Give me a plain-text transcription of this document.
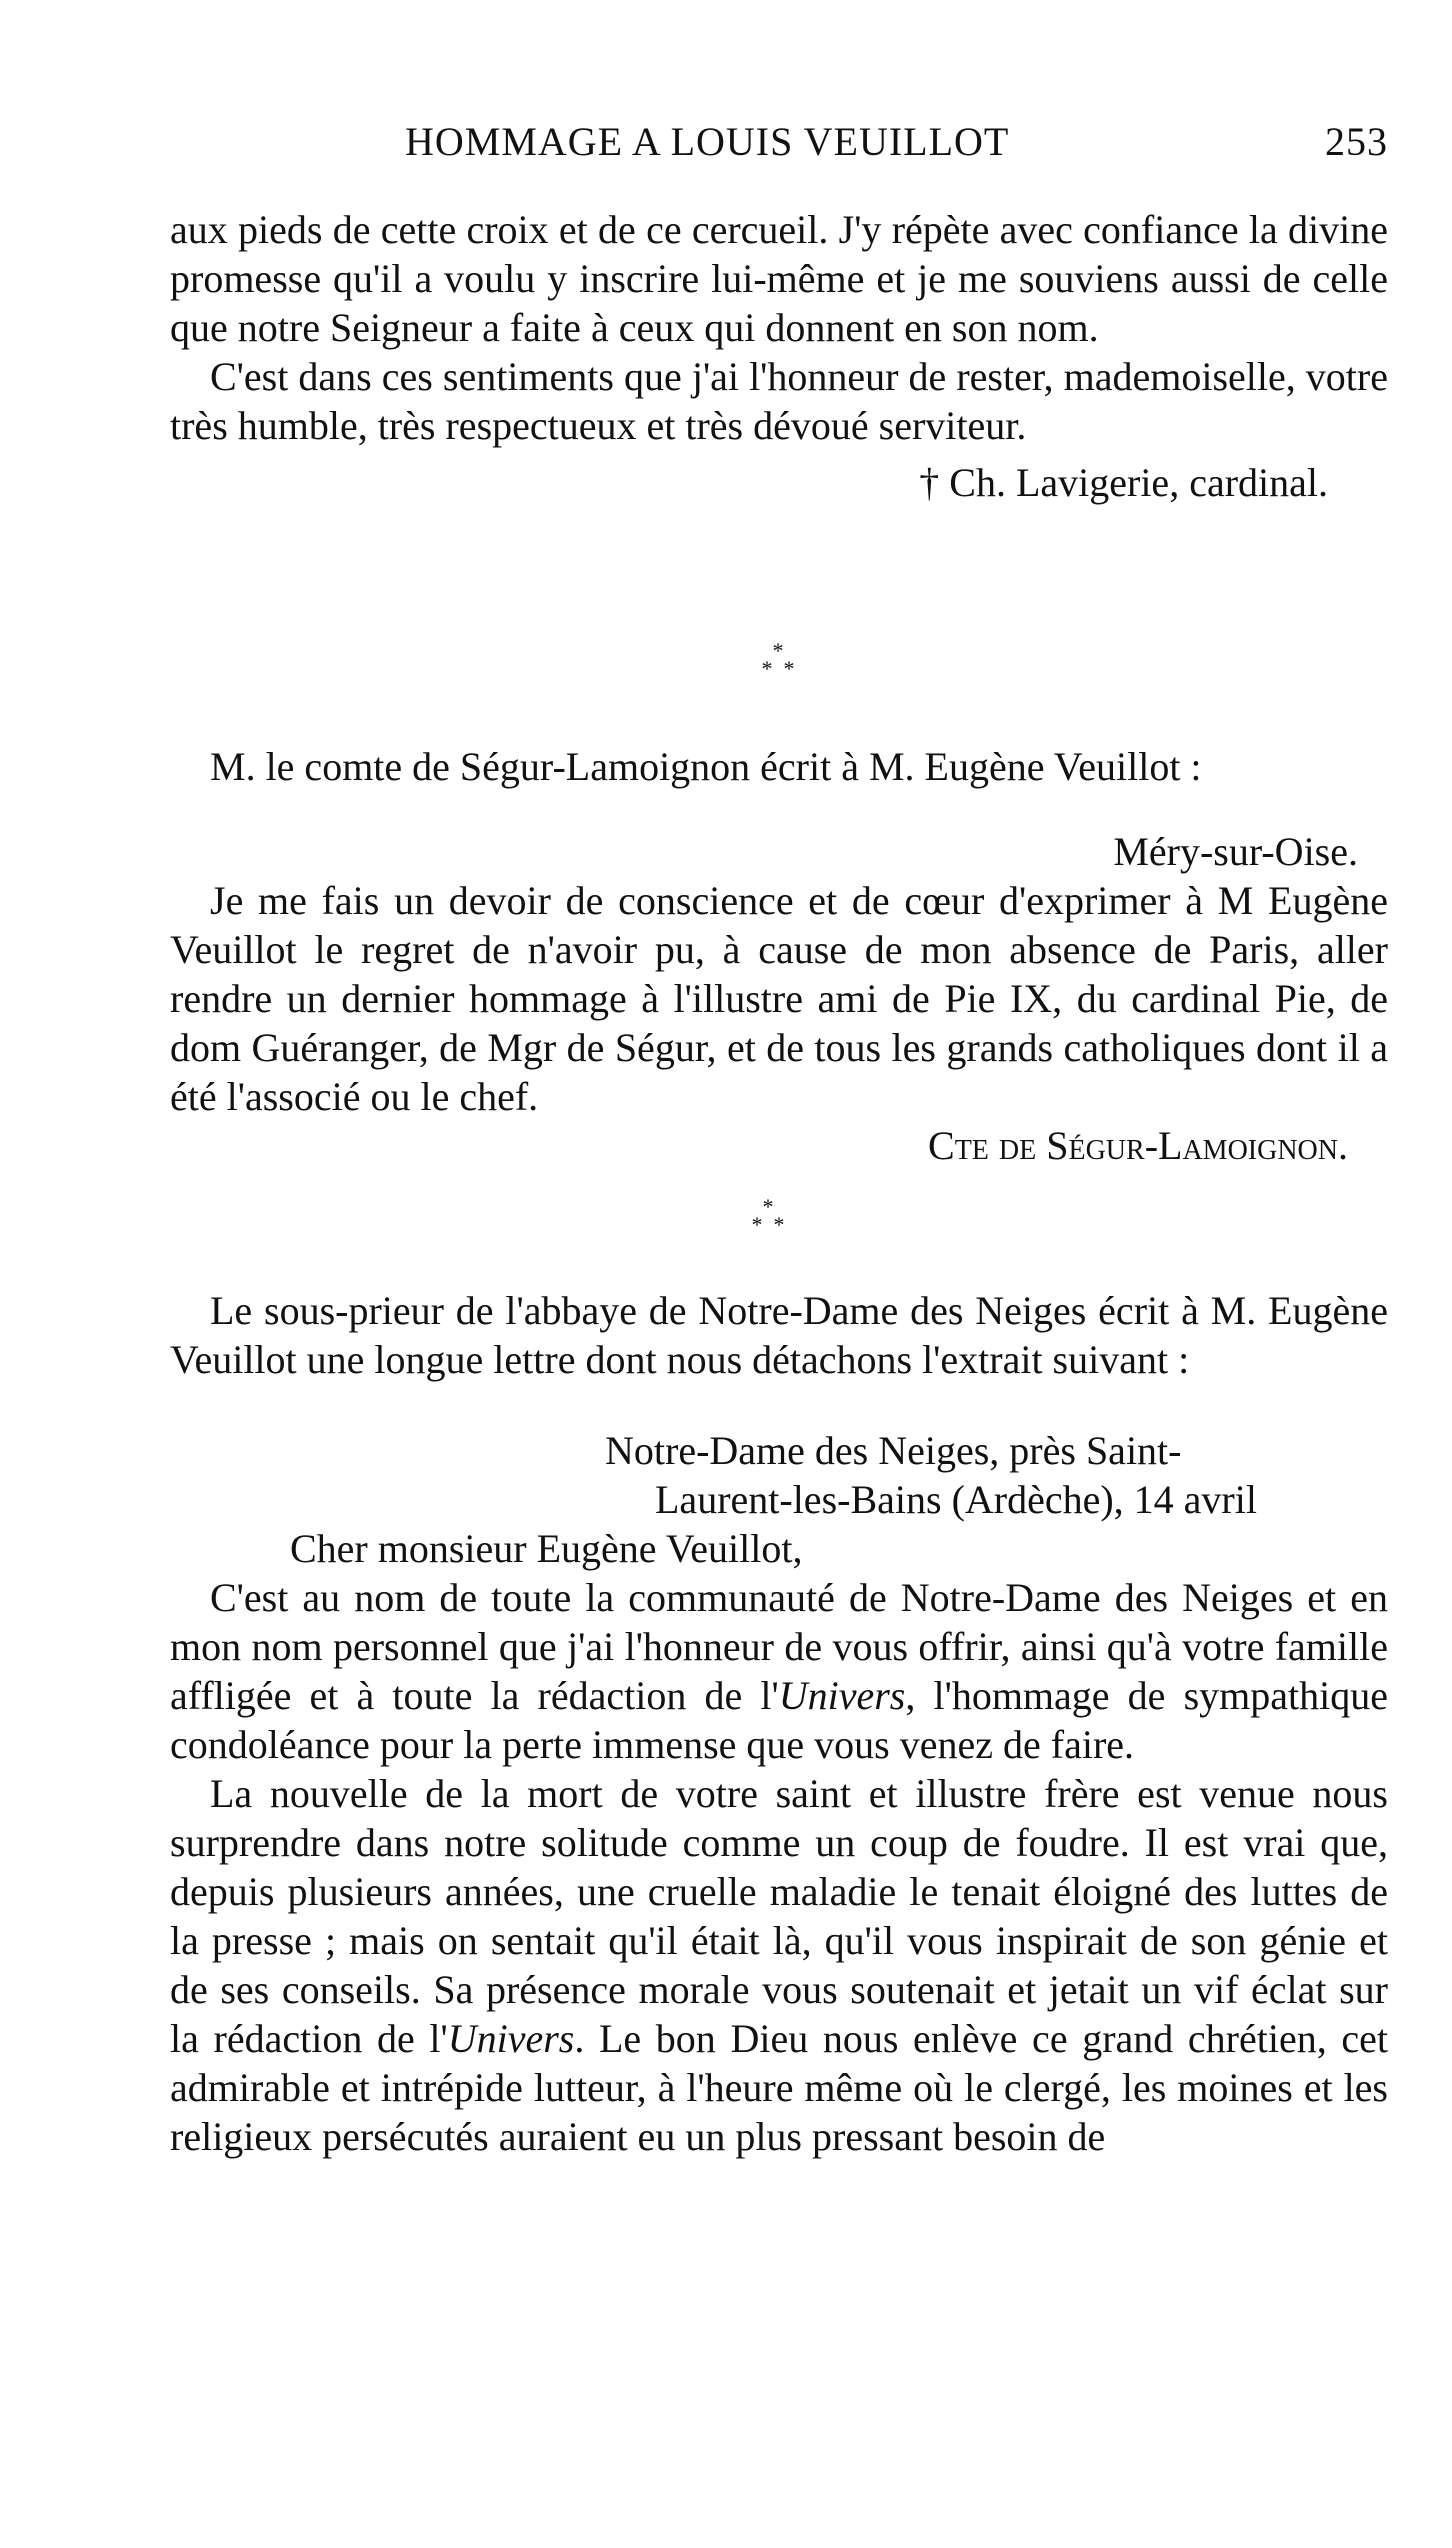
HOMMAGE A LOUIS VEUILLOT	253

aux pieds de cette croix et de ce cercueil. J'y répète avec confiance la divine promesse qu'il a voulu y inscrire lui-même et je me souviens aussi de celle que notre Seigneur a faite à ceux qui donnent en son nom.

C'est dans ces sentiments que j'ai l'honneur de rester, mademoiselle, votre très humble, très respectueux et très dévoué serviteur.

† Ch. Lavigerie, cardinal.

*
* *

M. le comte de Ségur-Lamoignon écrit à M. Eugène Veuillot :

Méry-sur-Oise.

Je me fais un devoir de conscience et de cœur d'exprimer à M Eugène Veuillot le regret de n'avoir pu, à cause de mon absence de Paris, aller rendre un dernier hommage à l'illustre ami de Pie IX, du cardinal Pie, de dom Guéranger, de Mgr de Ségur, et de tous les grands catholiques dont il a été l'associé ou le chef.

Cte de Ségur-Lamoignon.

*
* *

Le sous-prieur de l'abbaye de Notre-Dame des Neiges écrit à M. Eugène Veuillot une longue lettre dont nous détachons l'extrait suivant :

Notre-Dame des Neiges, près Saint-

Laurent-les-Bains (Ardèche), 14 avril

Cher monsieur Eugène Veuillot,

C'est au nom de toute la communauté de Notre-Dame des Neiges et en mon nom personnel que j'ai l'honneur de vous offrir, ainsi qu'à votre famille affligée et à toute la rédaction de l'Univers, l'hommage de sympathique condoléance pour la perte immense que vous venez de faire.

La nouvelle de la mort de votre saint et illustre frère est venue nous surprendre dans notre solitude comme un coup de foudre. Il est vrai que, depuis plusieurs années, une cruelle maladie le tenait éloigné des luttes de la presse ; mais on sentait qu'il était là, qu'il vous inspirait de son génie et de ses conseils. Sa présence morale vous soutenait et jetait un vif éclat sur la rédaction de l'Univers. Le bon Dieu nous enlève ce grand chrétien, cet admirable et intrépide lutteur, à l'heure même où le clergé, les moines et les religieux persécutés auraient eu un plus pressant besoin de
